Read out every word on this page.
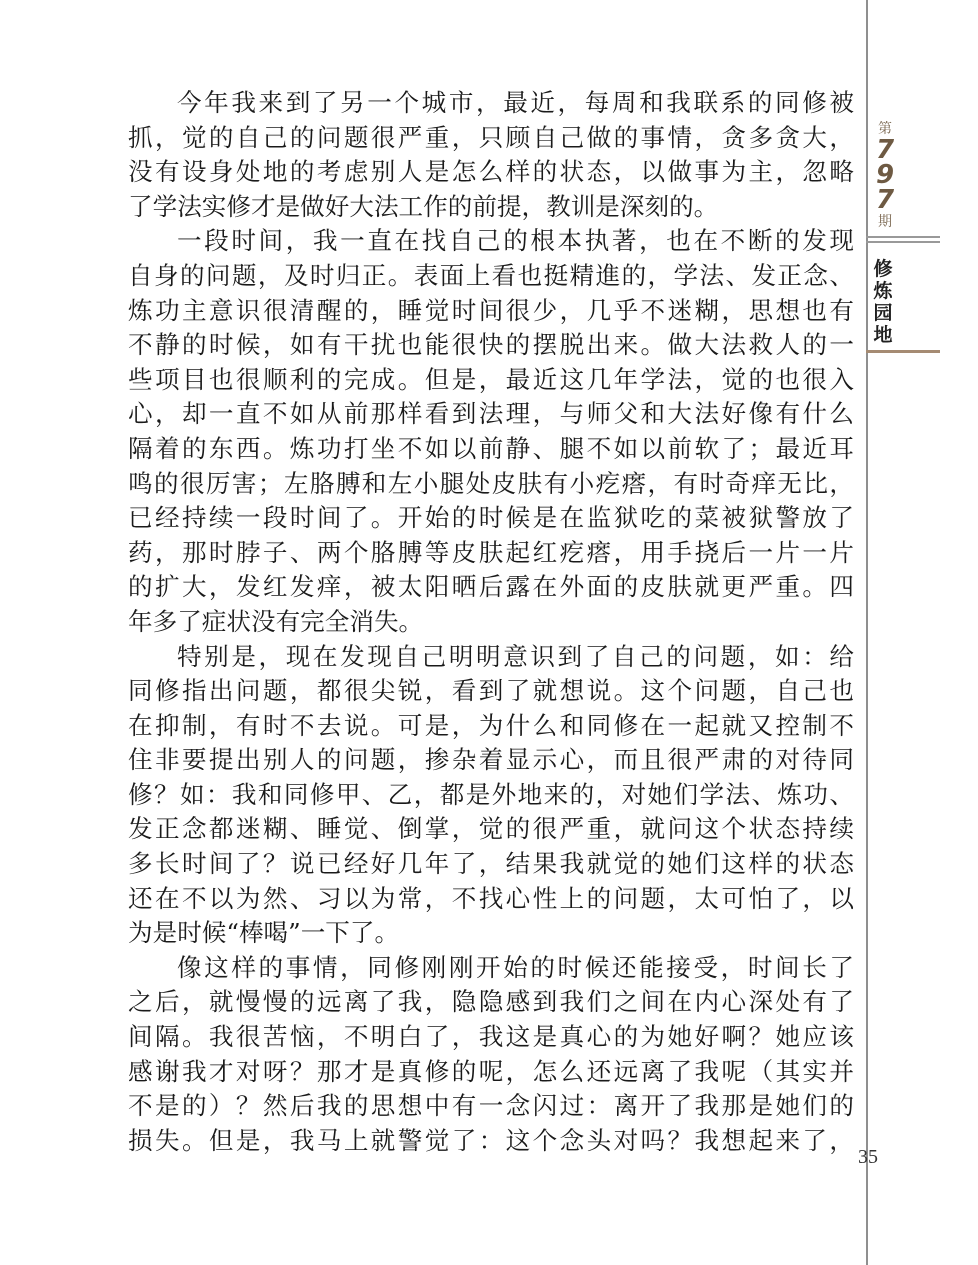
第
7
9
7
期
修
炼
园
地
今年我来到了另一个城市，最近，每周和我联系的同修被
抓，觉的自己的问题很严重，只顾自己做的事情，贪多贪大，
没有设身处地的考虑别人是怎么样的状态，以做事为主，忽略
了学法实修才是做好大法工作的前提，教训是深刻的。
一段时间，我一直在找自己的根本执著，也在不断的发现
自身的问题，及时归正。表面上看也挺精進的，学法、发正念、
炼功主意识很清醒的，睡觉时间很少，几乎不迷糊，思想也有
不静的时候，如有干扰也能很快的摆脱出来。做大法救人的一
些项目也很顺利的完成。但是，最近这几年学法，觉的也很入
心，却一直不如从前那样看到法理，与师父和大法好像有什么
隔着的东西。炼功打坐不如以前静、腿不如以前软了；最近耳
鸣的很厉害；左胳膊和左小腿处皮肤有小疙瘩，有时奇痒无比，
已经持续一段时间了。开始的时候是在监狱吃的菜被狱警放了
药，那时脖子、两个胳膊等皮肤起红疙瘩，用手挠后一片一片
的扩大，发红发痒，被太阳晒后露在外面的皮肤就更严重。四
年多了症状没有完全消失。
特别是，现在发现自己明明意识到了自己的问题，如：给
同修指出问题，都很尖锐，看到了就想说。这个问题，自己也
在抑制，有时不去说。可是，为什么和同修在一起就又控制不
住非要提出别人的问题，掺杂着显示心，而且很严肃的对待同
修？如：我和同修甲、乙，都是外地来的，对她们学法、炼功、
发正念都迷糊、睡觉、倒掌，觉的很严重，就问这个状态持续
多长时间了？说已经好几年了，结果我就觉的她们这样的状态
还在不以为然、习以为常，不找心性上的问题，太可怕了，以
为是时候“棒喝”一下了。
像这样的事情，同修刚刚开始的时候还能接受，时间长了
之后，就慢慢的远离了我，隐隐感到我们之间在内心深处有了
间隔。我很苦恼，不明白了，我这是真心的为她好啊？她应该
感谢我才对呀？那才是真修的呢，怎么还远离了我呢（其实并
不是的）？然后我的思想中有一念闪过：离开了我那是她们的
损失。但是，我马上就警觉了：这个念头对吗？我想起来了，
35
